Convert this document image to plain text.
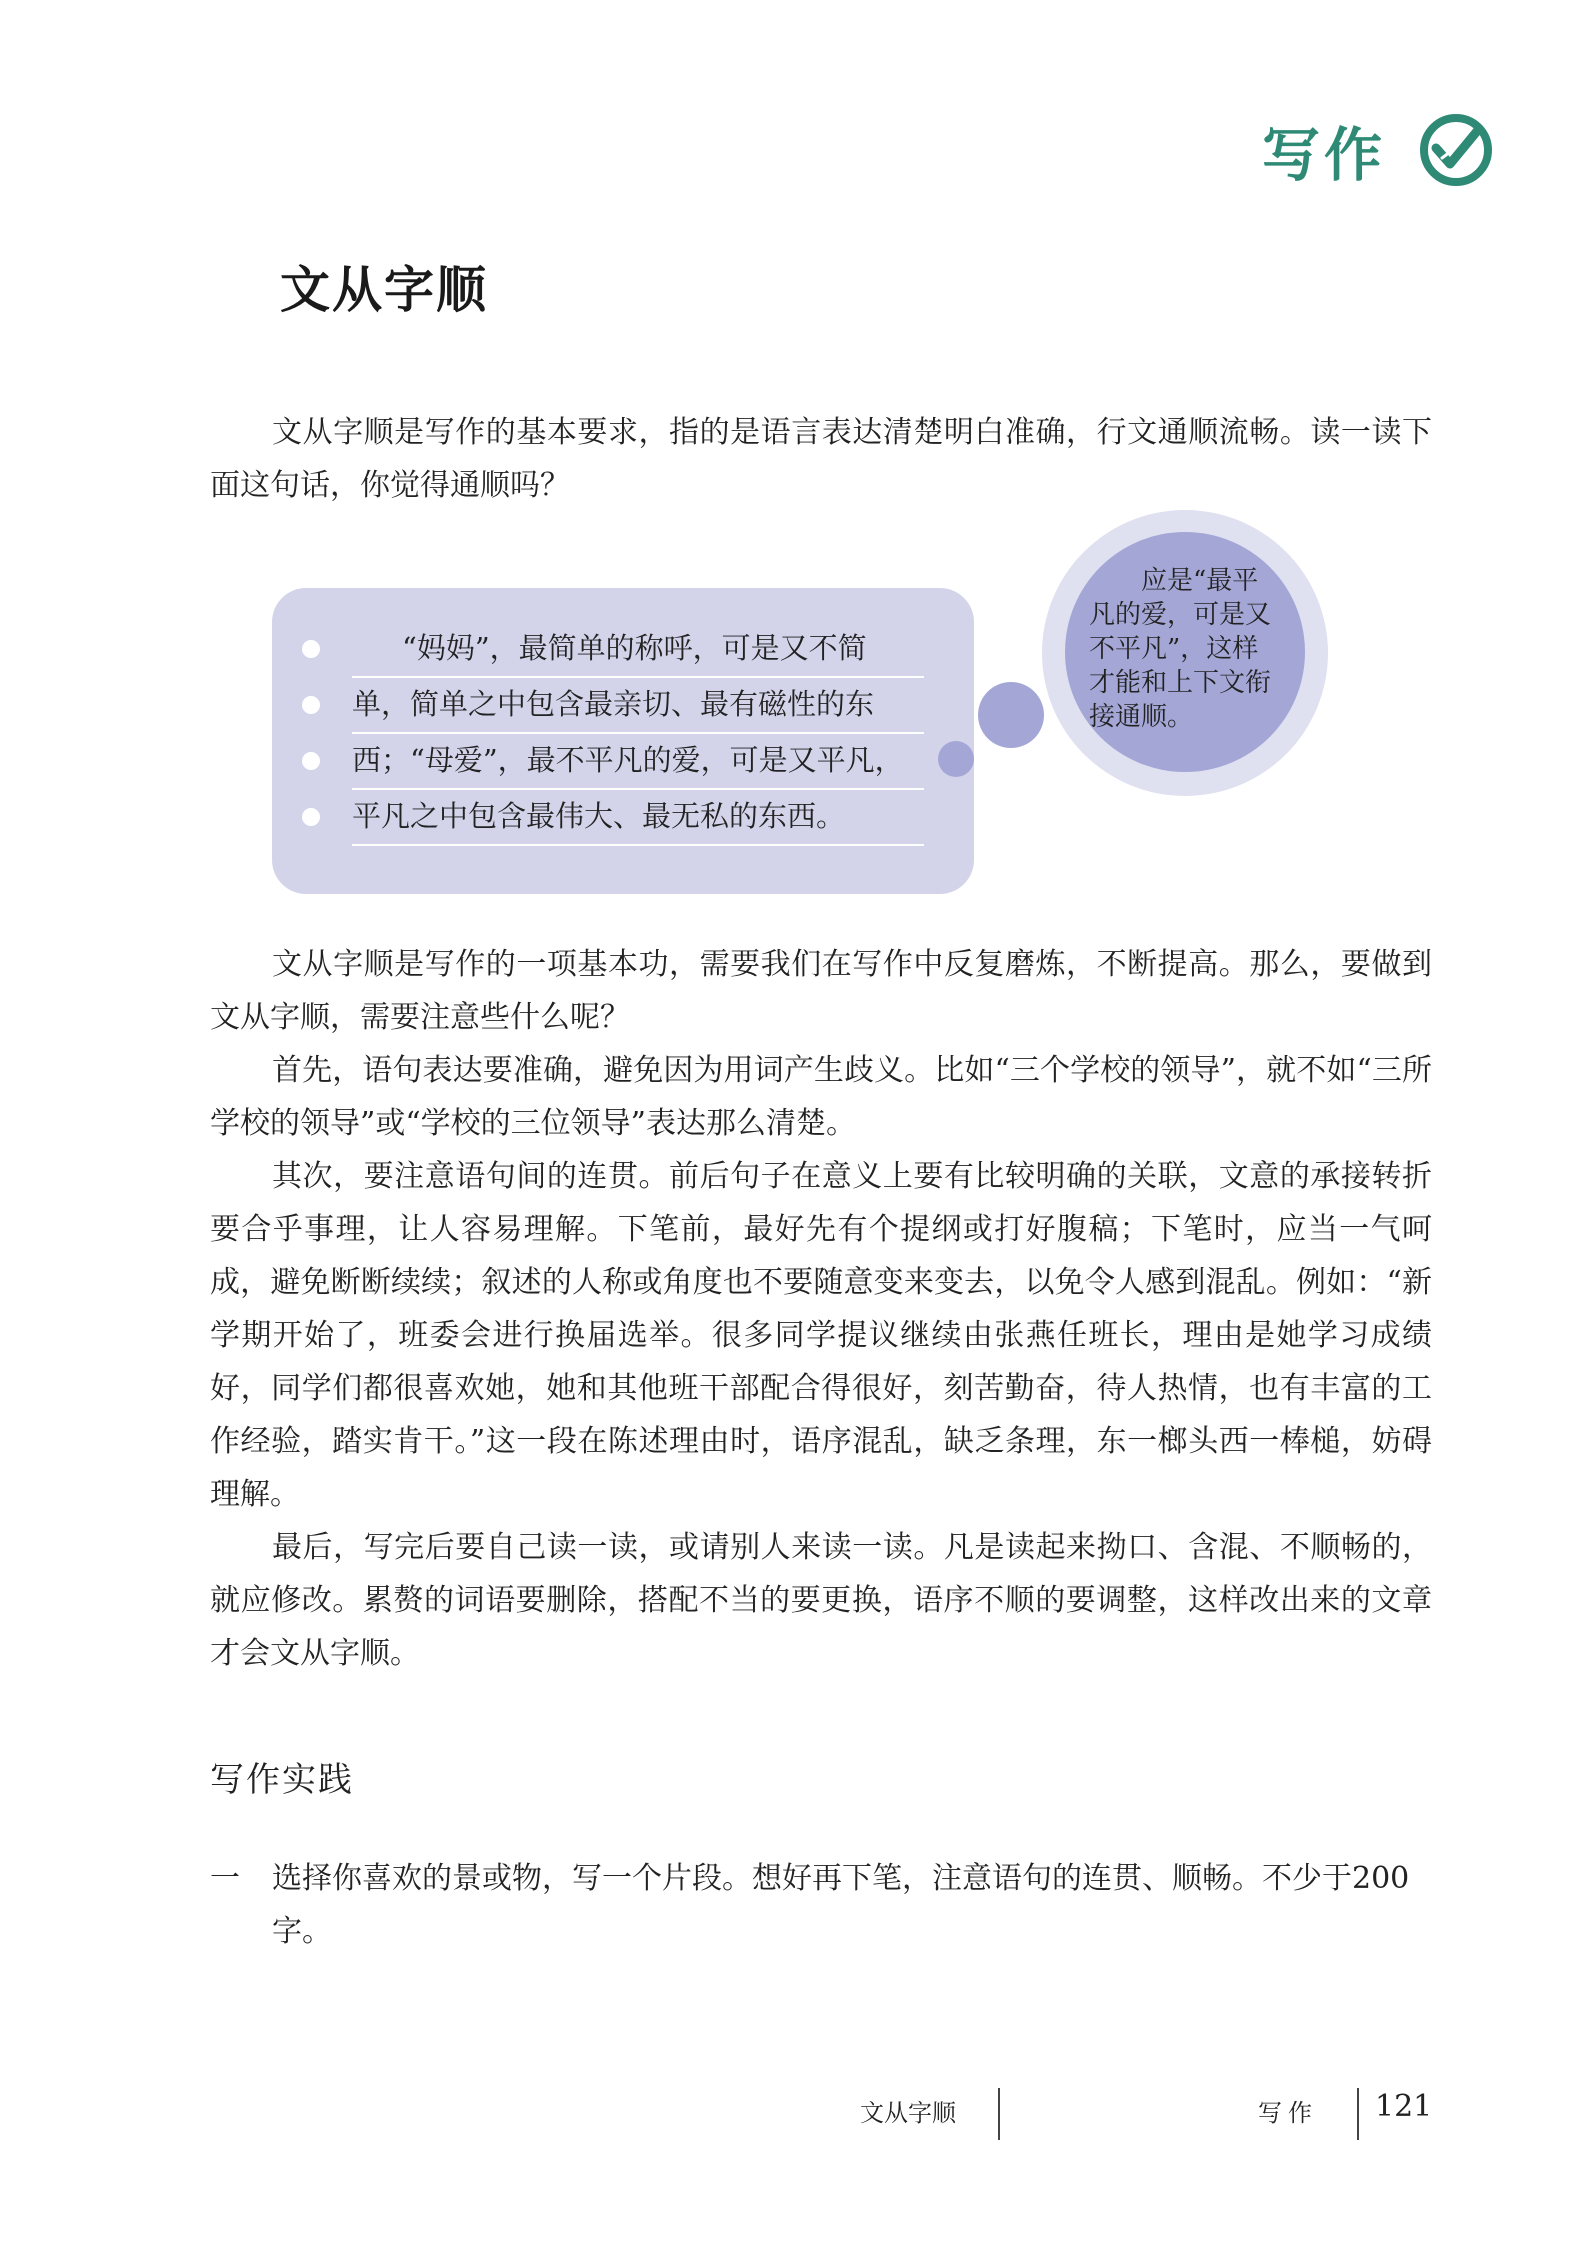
写作
文从字顺

文从字顺是写作的基本要求，指的是语言表达清楚明白准确，行文通顺流畅。读一读下面这句话，你觉得通顺吗？

“妈妈”，最简单的称呼，可是又不简
单，简单之中包含最亲切、最有磁性的东
西；“母爱”，最不平凡的爱，可是又平凡，
平凡之中包含最伟大、最无私的东西。

应是“最平凡的爱，可是又不平凡”，这样才能和上下文衔接通顺。

文从字顺是写作的一项基本功，需要我们在写作中反复磨炼，不断提高。那么，要做到文从字顺，需要注意些什么呢？

首先，语句表达要准确，避免因为用词产生歧义。比如“三个学校的领导”，就不如“三所学校的领导”或“学校的三位领导”表达那么清楚。

其次，要注意语句间的连贯。前后句子在意义上要有比较明确的关联，文意的承接转折要合乎事理，让人容易理解。下笔前，最好先有个提纲或打好腹稿；下笔时，应当一气呵成，避免断断续续；叙述的人称或角度也不要随意变来变去，以免令人感到混乱。例如：“新学期开始了，班委会进行换届选举。很多同学提议继续由张燕任班长，理由是她学习成绩好，同学们都很喜欢她，她和其他班干部配合得很好，刻苦勤奋，待人热情，也有丰富的工作经验，踏实肯干。”这一段在陈述理由时，语序混乱，缺乏条理，东一榔头西一棒槌，妨碍理解。

最后，写完后要自己读一读，或请别人来读一读。凡是读起来拗口、含混、不顺畅的，就应修改。累赘的词语要删除，搭配不当的要更换，语序不顺的要调整，这样改出来的文章才会文从字顺。

写作实践
一 选择你喜欢的景或物，写一个片段。想好再下笔，注意语句的连贯、顺畅。不少于200字。

文从字顺	写作 121
